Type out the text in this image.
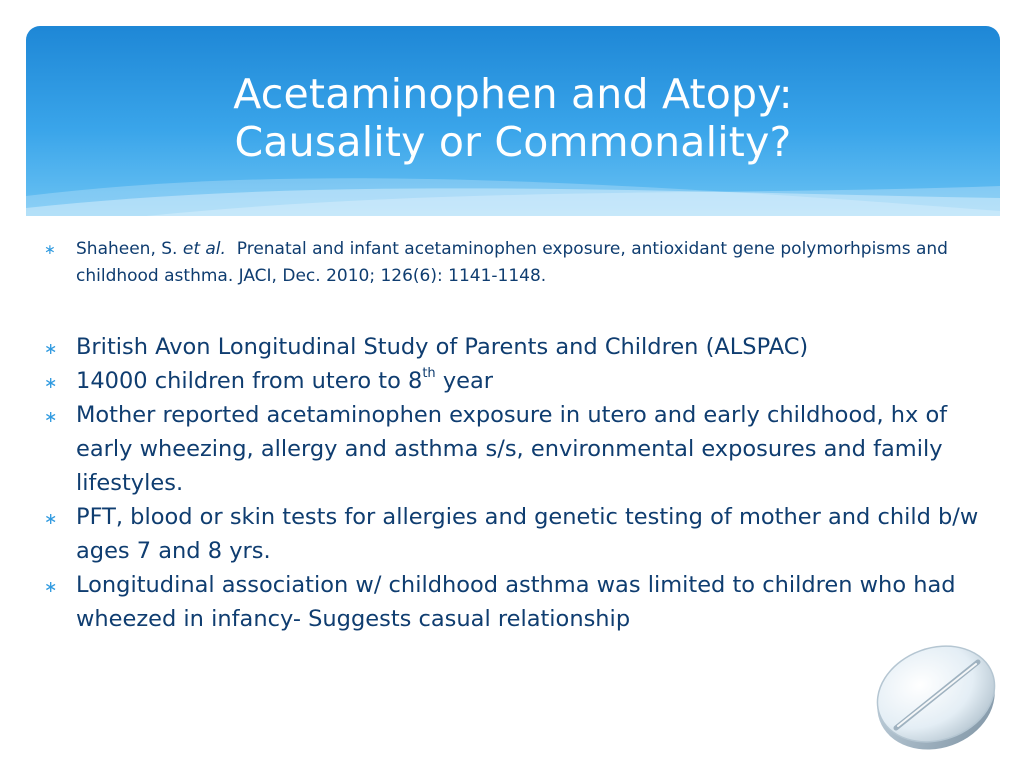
Acetaminophen and Atopy:
Causality or Commonality?
∗ Shaheen, S. et al. Prenatal and infant acetaminophen exposure, antioxidant gene polymorhpisms and childhood asthma. JACI, Dec. 2010; 126(6): 1141-1148.
∗ British Avon Longitudinal Study of Parents and Children (ALSPAC)
∗ 14000 children from utero to 8th year
∗ Mother reported acetaminophen exposure in utero and early childhood, hx of early wheezing, allergy and asthma s/s, environmental exposures and family lifestyles.
∗ PFT, blood or skin tests for allergies and genetic testing of mother and child b/w ages 7 and 8 yrs.
∗ Longitudinal association w/ childhood asthma was limited to children who had wheezed in infancy- Suggests casual relationship
